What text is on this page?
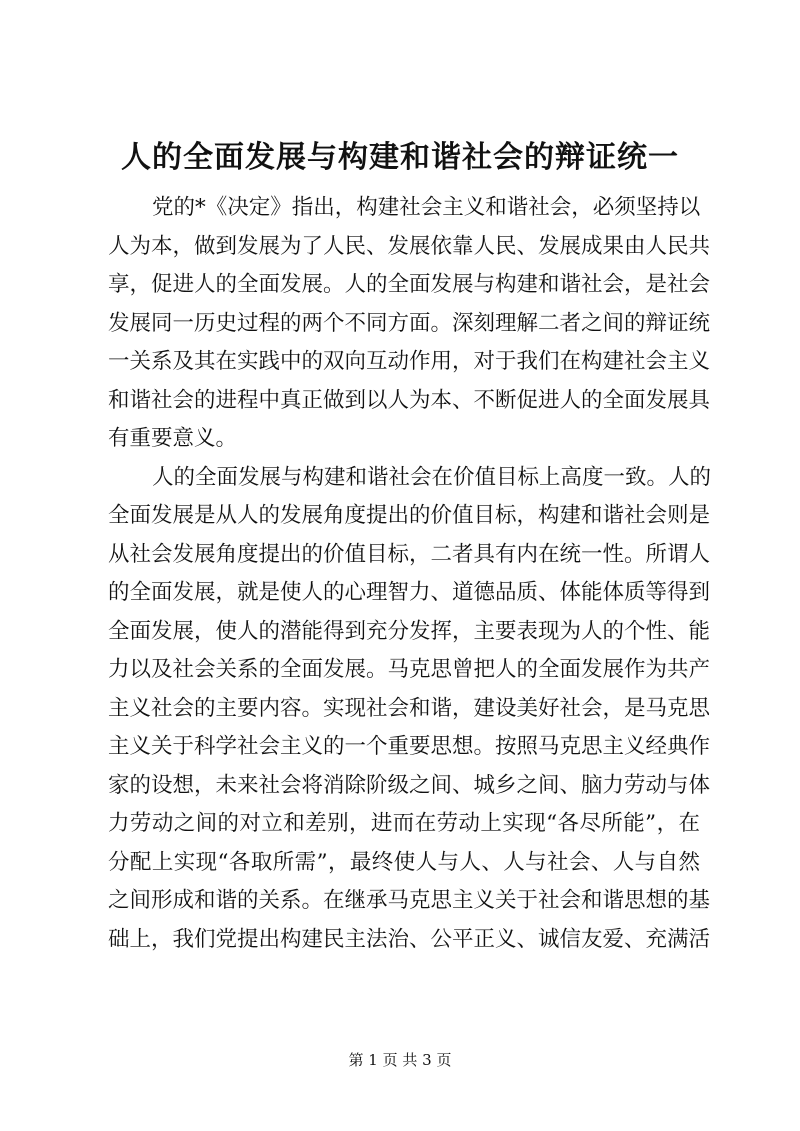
人的全面发展与构建和谐社会的辩证统一
党的*《决定》指出，构建社会主义和谐社会，必须坚持以
人为本，做到发展为了人民、发展依靠人民、发展成果由人民共
享，促进人的全面发展。人的全面发展与构建和谐社会，是社会
发展同一历史过程的两个不同方面。深刻理解二者之间的辩证统
一关系及其在实践中的双向互动作用，对于我们在构建社会主义
和谐社会的进程中真正做到以人为本、不断促进人的全面发展具
有重要意义。
人的全面发展与构建和谐社会在价值目标上高度一致。人的
全面发展是从人的发展角度提出的价值目标，构建和谐社会则是
从社会发展角度提出的价值目标，二者具有内在统一性。所谓人
的全面发展，就是使人的心理智力、道德品质、体能体质等得到
全面发展，使人的潜能得到充分发挥，主要表现为人的个性、能
力以及社会关系的全面发展。马克思曾把人的全面发展作为共产
主义社会的主要内容。实现社会和谐，建设美好社会，是马克思
主义关于科学社会主义的一个重要思想。按照马克思主义经典作
家的设想，未来社会将消除阶级之间、城乡之间、脑力劳动与体
力劳动之间的对立和差别，进而在劳动上实现“各尽所能”，在
分配上实现“各取所需”，最终使人与人、人与社会、人与自然
之间形成和谐的关系。在继承马克思主义关于社会和谐思想的基
础上，我们党提出构建民主法治、公平正义、诚信友爱、充满活
第 1 页 共 3 页
